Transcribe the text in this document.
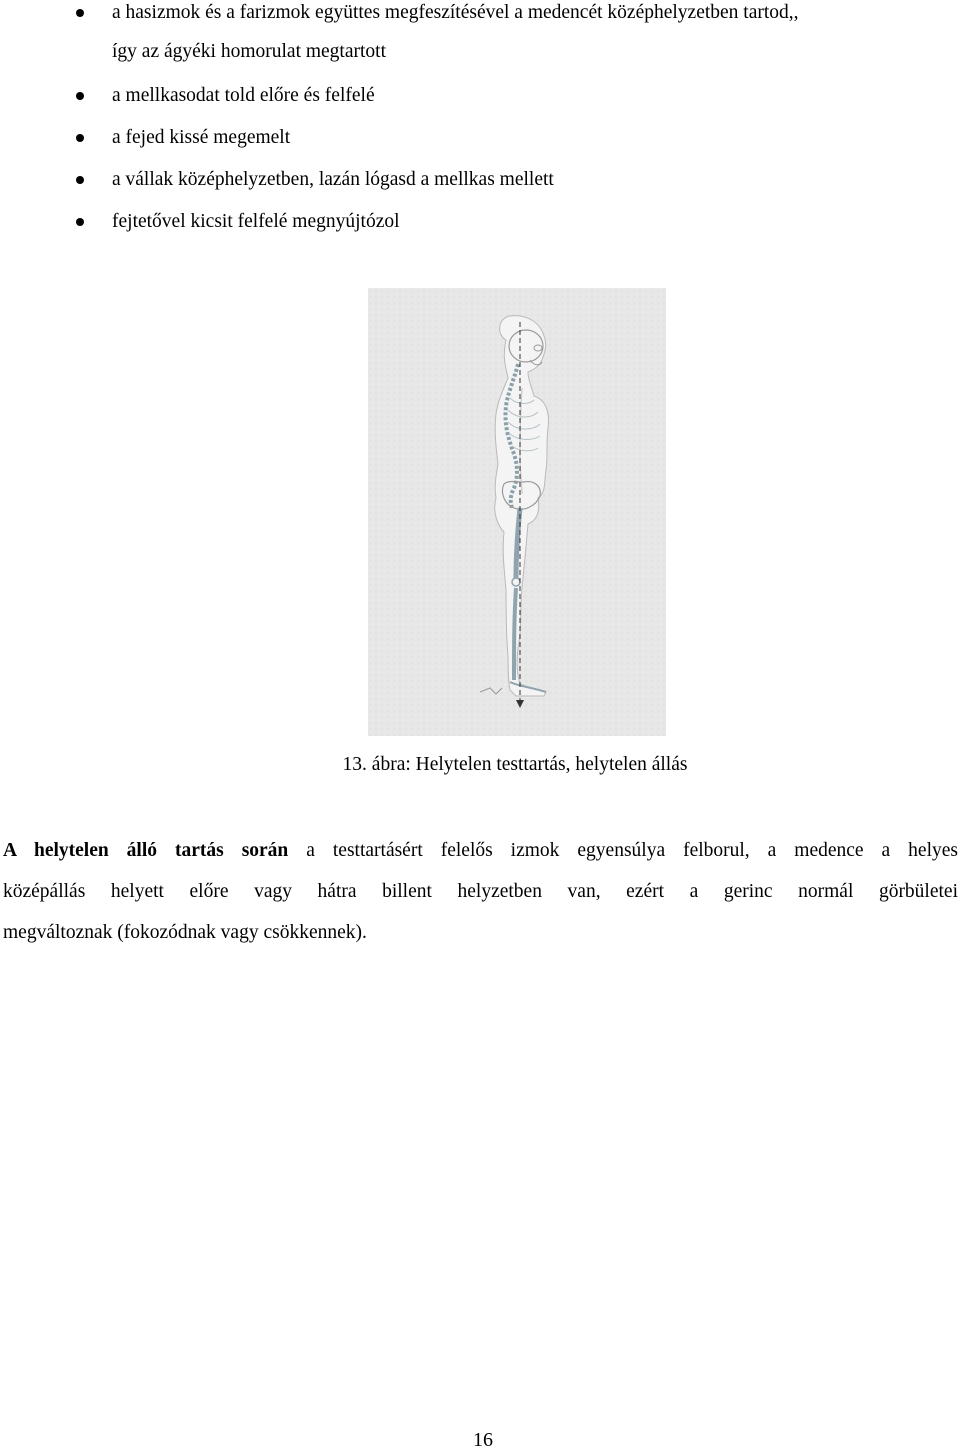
a hasizmok és a farizmok együttes megfeszítésével a medencét középhelyzetben tartod,,
így az ágyéki homorulat megtartott
a mellkasodat told előre és felfelé
a fejed kissé megemelt
a vállak középhelyzetben, lazán lógasd a mellkas mellett
fejtetővel kicsit felfelé megnyújtózol
13. ábra: Helytelen testtartás, helytelen állás
A helytelen álló tartás során a testtartásért felelős izmok egyensúlya felborul, a medence a helyes
középállás helyett előre vagy hátra billent helyzetben van, ezért a gerinc normál görbületei
megváltoznak (fokozódnak vagy csökkennek).
16
